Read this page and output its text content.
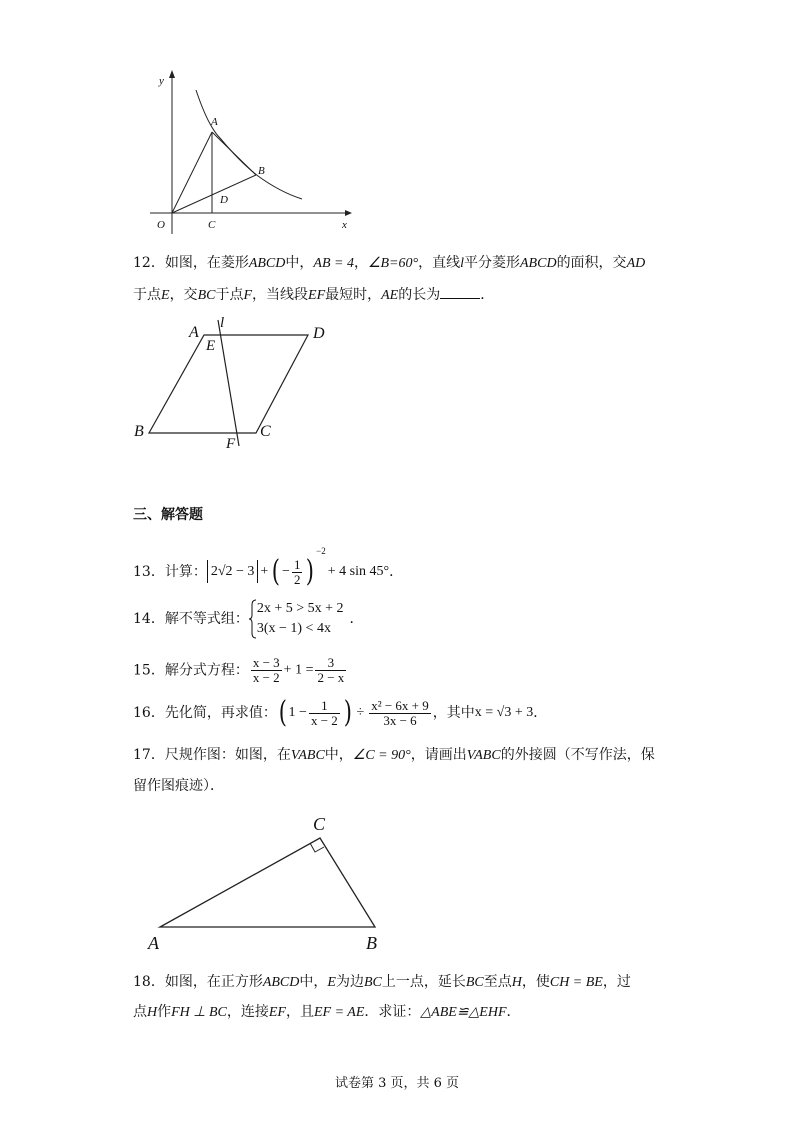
y
x
O
A
B
C
D
12．如图，在菱形ABCD中，AB = 4，∠B=60°，直线l平分菱形ABCD的面积，交AD
于点E，交BC于点F，当线段EF最短时，AE的长为	．
A
l
D
E
B
F
C
三、解答题
13．计算： 2√2 − 3 + ( − $\frac{1}{2} )^{-2}+ 4$ sin 45°．
14．解不等式组：
2x + 5 > 5x + 2
3(x − 1) < 4x
．
15．解分式方程： $\frac{x - 3}{x - 2} + 1 = \frac{3}{2 - x}$
16．先化简，再求值：( $1 - \frac{1}{x - 2}$ ) ÷ $\frac{\text{x² − 6x + 9}}{3x - 6}$ ，其中x = √3 + 3．
17．尺规作图：如图，在VABC中，∠C = 90°，请画出VABC的外接圆（不写作法，保
留作图痕迹）．
A	B
C
18．如图，在正方形ABCD中，E为边BC上一点，延长BC至点H，使CH = BE，过
点H作FH ⊥ BC，连接EF，且EF = AE．求证：△ABE≌△EHF．
试卷第 3 页，共 6 页
